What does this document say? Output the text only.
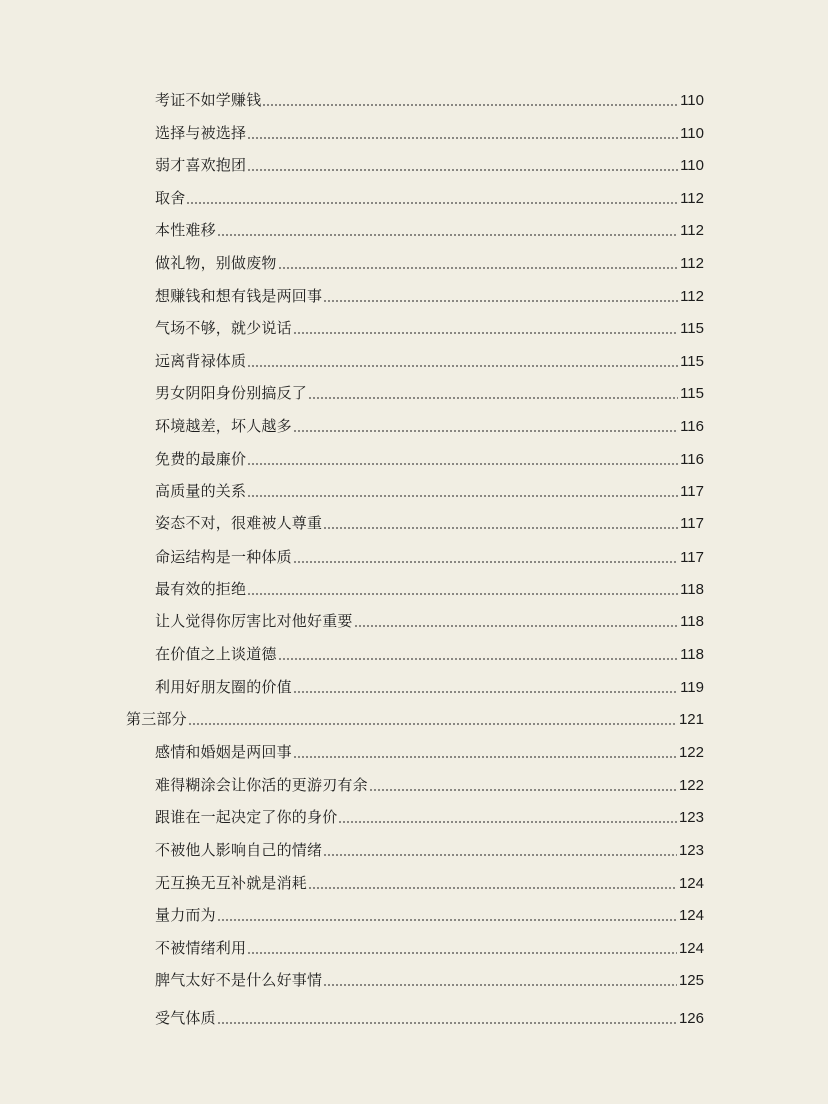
考证不如学赚钱	110
选择与被选择	110
弱才喜欢抱团	110
取舍	112
本性难移	112
做礼物，别做废物	112
想赚钱和想有钱是两回事	112
气场不够，就少说话	115
远离背禄体质	115
男女阴阳身份别搞反了	115
环境越差，坏人越多	116
免费的最廉价	116
高质量的关系	117
姿态不对，很难被人尊重	117
命运结构是一种体质	117
最有效的拒绝	118
让人觉得你厉害比对他好重要	118
在价值之上谈道德	118
利用好朋友圈的价值	119
第三部分	121
感情和婚姻是两回事	122
难得糊涂会让你活的更游刃有余	122
跟谁在一起决定了你的身价	123
不被他人影响自己的情绪	123
无互换无互补就是消耗	124
量力而为	124
不被情绪利用	124
脾气太好不是什么好事情	125
受气体质	126
